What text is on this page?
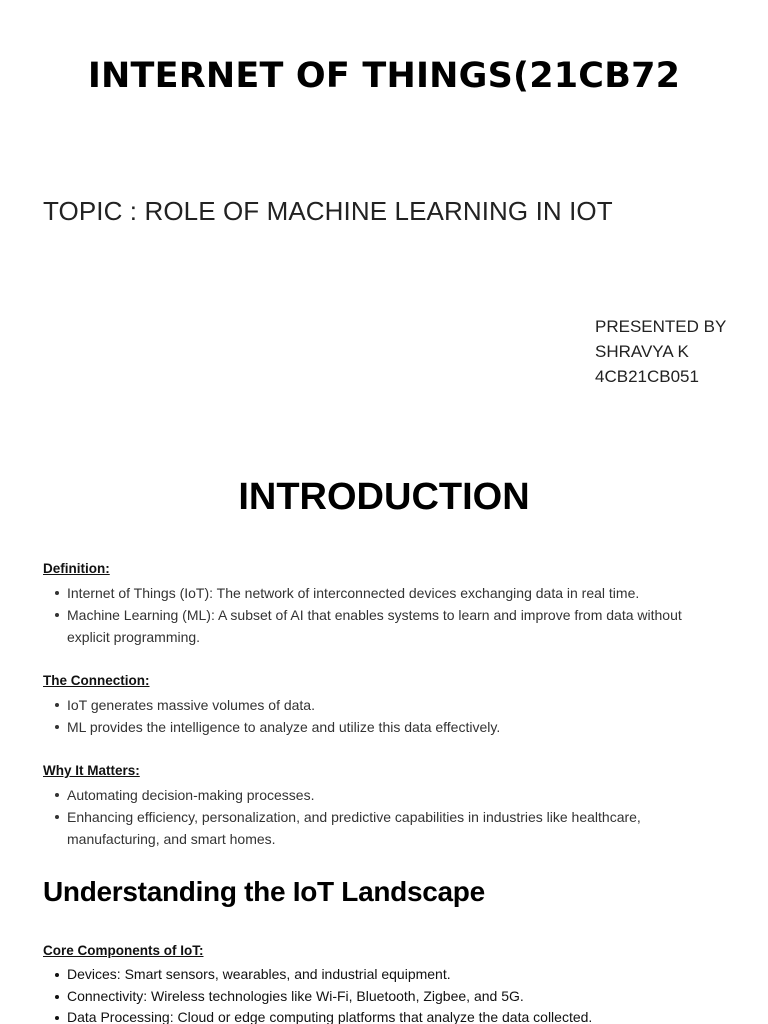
INTERNET OF THINGS(21CB72
TOPIC : ROLE OF MACHINE LEARNING IN IOT
PRESENTED BY
SHRAVYA K
4CB21CB051
INTRODUCTION
Definition:
Internet of Things (IoT): The network of interconnected devices exchanging data in real time.
Machine Learning (ML): A subset of AI that enables systems to learn and improve from data without explicit programming.
The Connection:
IoT generates massive volumes of data.
ML provides the intelligence to analyze and utilize this data effectively.
Why It Matters:
Automating decision-making processes.
Enhancing efficiency, personalization, and predictive capabilities in industries like healthcare, manufacturing, and smart homes.
Understanding the IoT Landscape
Core Components of IoT:
Devices: Smart sensors, wearables, and industrial equipment.
Connectivity: Wireless technologies like Wi-Fi, Bluetooth, Zigbee, and 5G.
Data Processing: Cloud or edge computing platforms that analyze the data collected.
